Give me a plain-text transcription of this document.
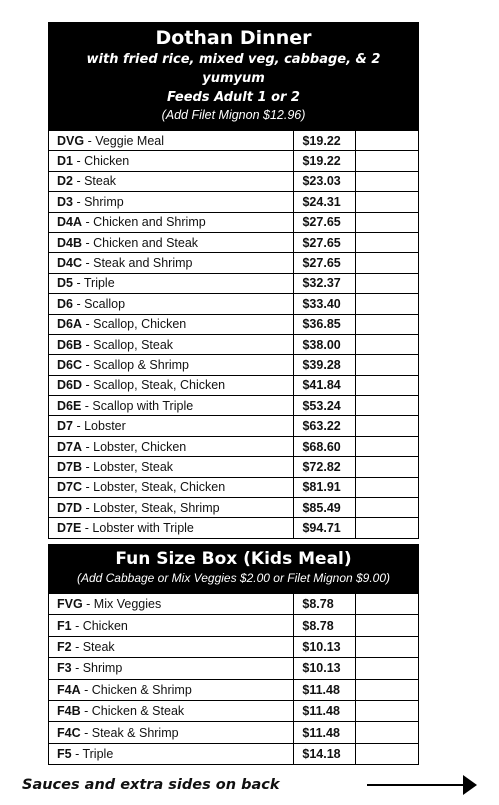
Dothan Dinner
with fried rice, mixed veg, cabbage, & 2 yumyum
Feeds Adult 1 or 2
(Add Filet Mignon $12.96)
DVG - Veggie Meal	$19.22	
D1 - Chicken	$19.22	
D2 - Steak	$23.03	
D3 - Shrimp	$24.31	
D4A - Chicken and Shrimp	$27.65	
D4B - Chicken and Steak	$27.65	
D4C - Steak and Shrimp	$27.65	
D5 - Triple	$32.37	
D6 - Scallop	$33.40	
D6A - Scallop, Chicken	$36.85	
D6B - Scallop, Steak	$38.00	
D6C - Scallop & Shrimp	$39.28	
D6D - Scallop, Steak, Chicken	$41.84	
D6E - Scallop with Triple	$53.24	
D7 - Lobster	$63.22	
D7A - Lobster, Chicken	$68.60	
D7B - Lobster, Steak	$72.82	
D7C - Lobster, Steak, Chicken	$81.91	
D7D - Lobster, Steak, Shrimp	$85.49	
D7E - Lobster with Triple	$94.71	
Fun Size Box (Kids Meal)
(Add Cabbage or Mix Veggies $2.00 or Filet Mignon $9.00)
FVG - Mix Veggies	$8.78	
F1 - Chicken	$8.78	
F2 - Steak	$10.13	
F3 - Shrimp	$10.13	
F4A - Chicken & Shrimp	$11.48	
F4B - Chicken & Steak	$11.48	
F4C - Steak & Shrimp	$11.48	
F5 - Triple	$14.18	
Sauces and extra sides on back
